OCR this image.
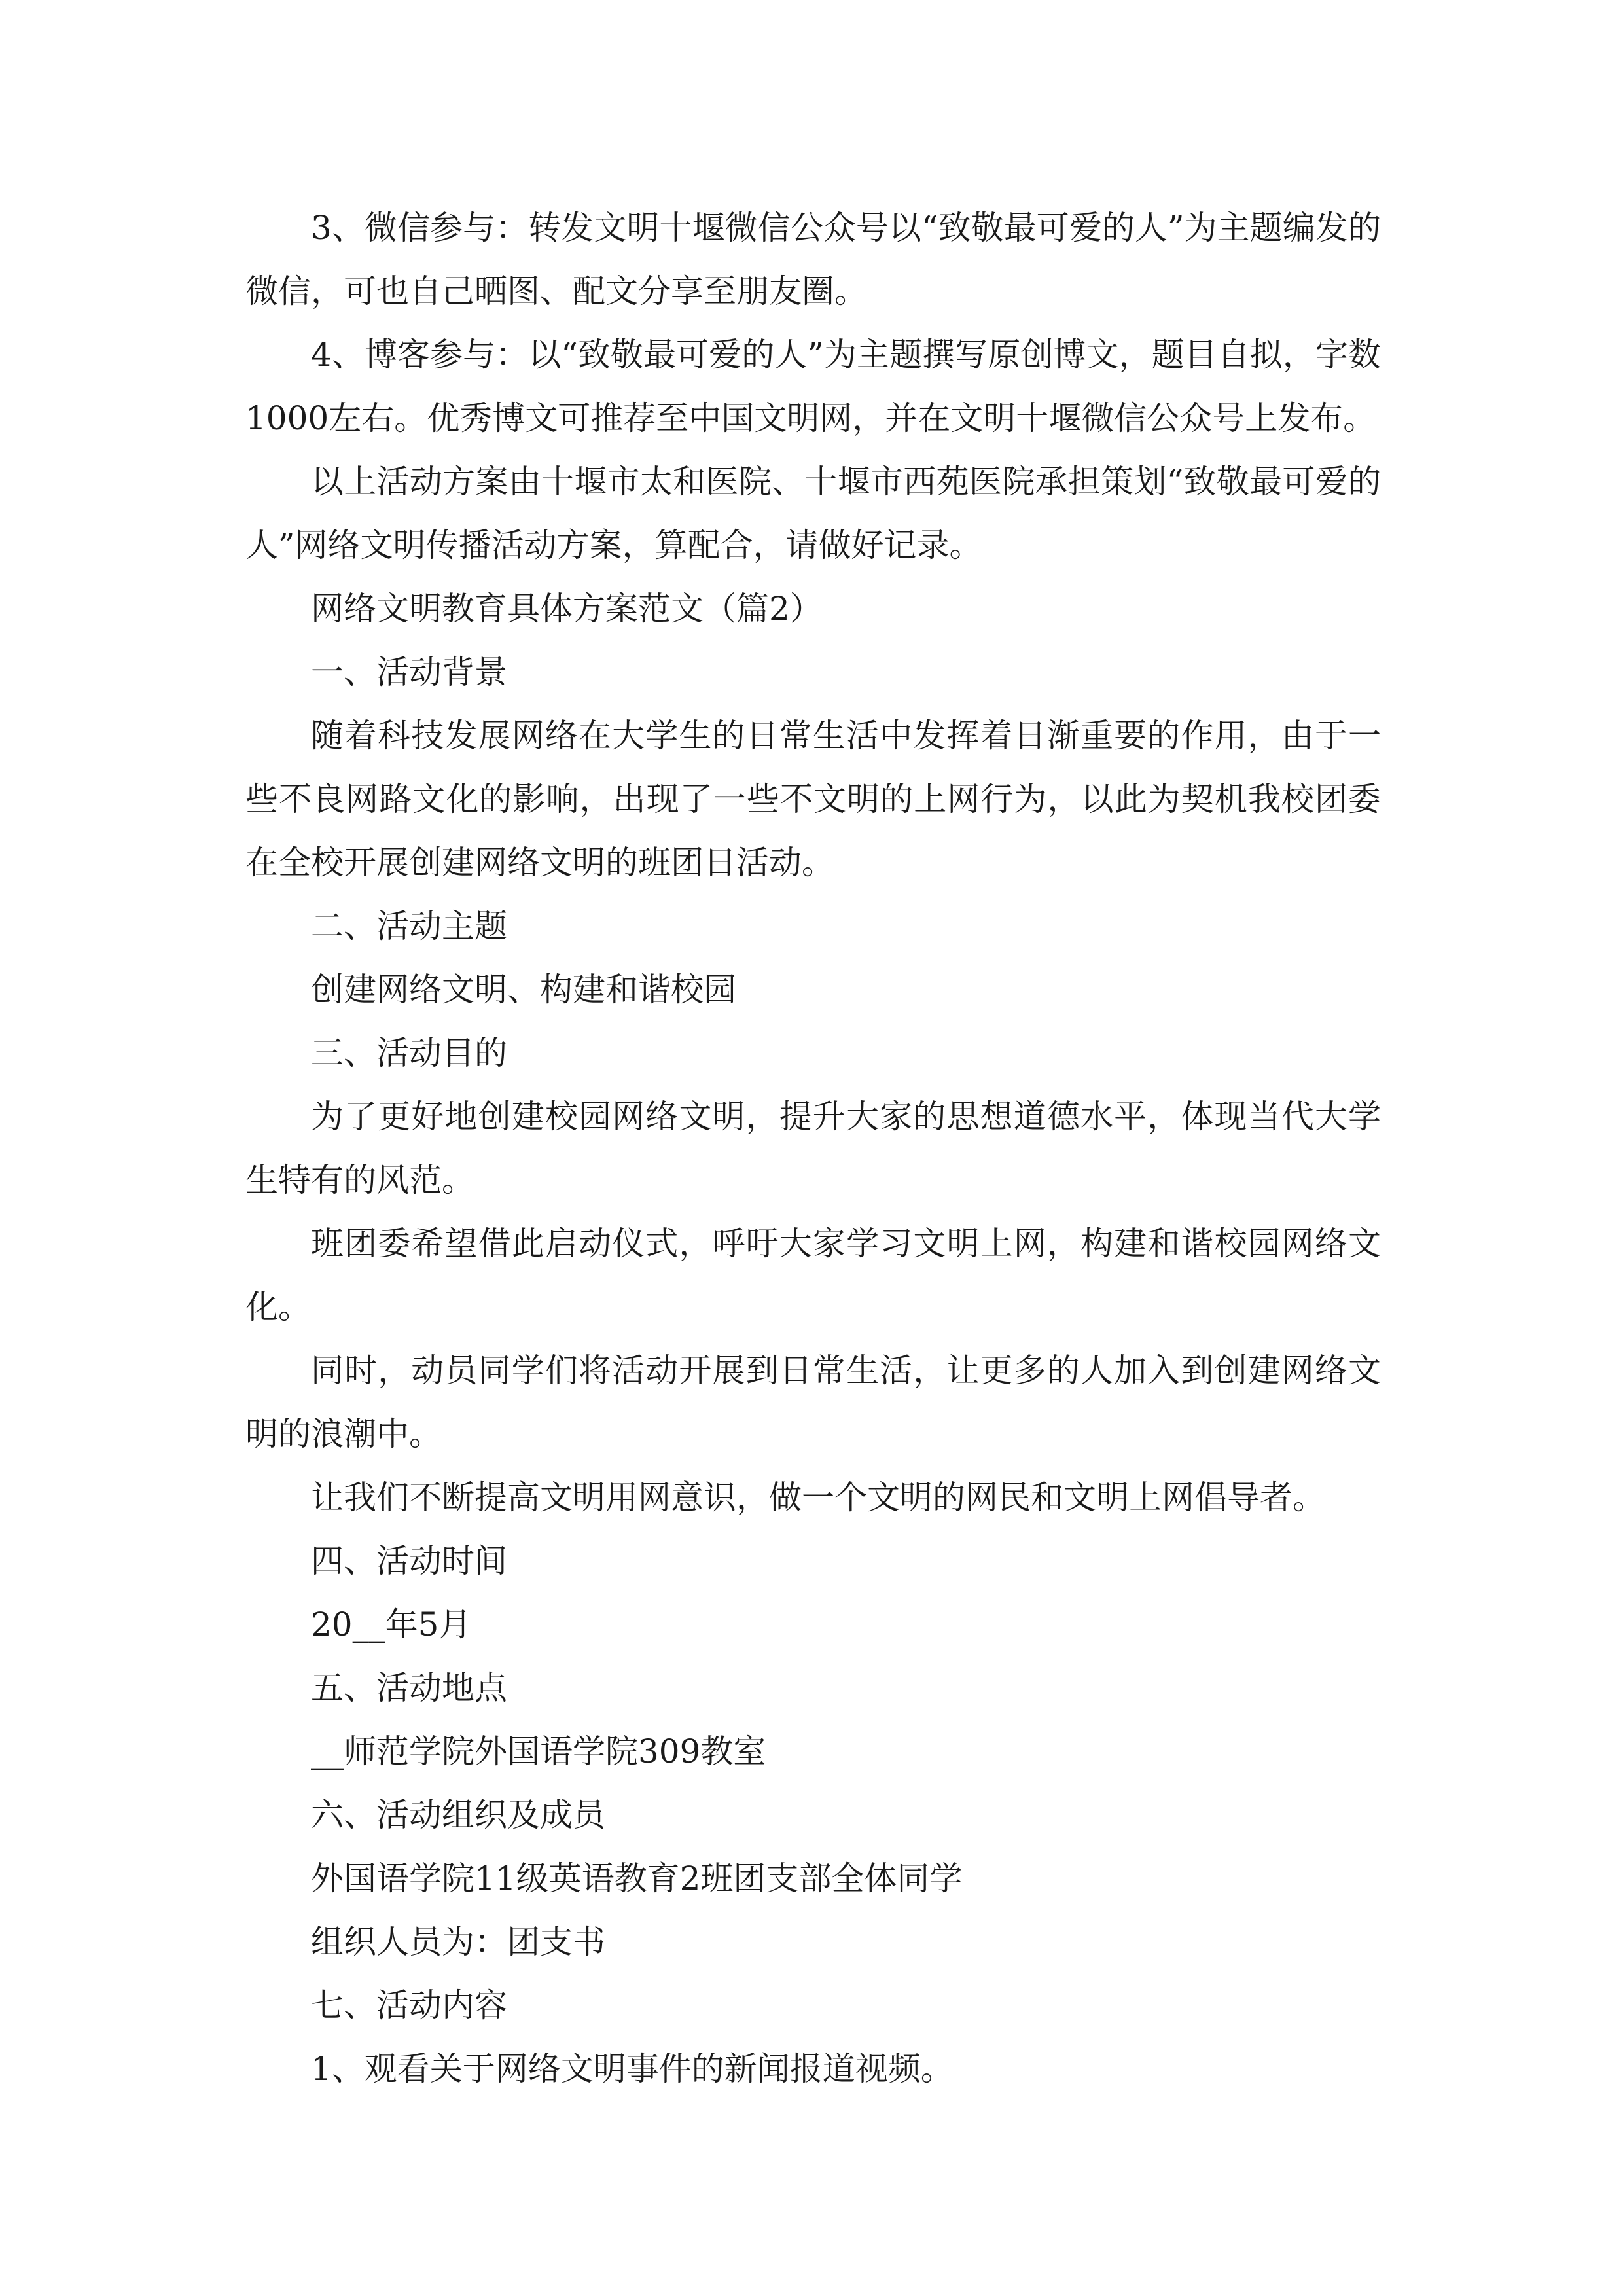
3、微信参与：转发文明十堰微信公众号以“致敬最可爱的人”为主题编发的微信，可也自己晒图、配文分享至朋友圈。

4、博客参与：以“致敬最可爱的人”为主题撰写原创博文，题目自拟，字数1000左右。优秀博文可推荐至中国文明网，并在文明十堰微信公众号上发布。

以上活动方案由十堰市太和医院、十堰市西苑医院承担策划“致敬最可爱的人”网络文明传播活动方案，算配合，请做好记录。

网络文明教育具体方案范文（篇2）

一、活动背景

随着科技发展网络在大学生的日常生活中发挥着日渐重要的作用，由于一些不良网路文化的影响，出现了一些不文明的上网行为，以此为契机我校团委在全校开展创建网络文明的班团日活动。

二、活动主题

创建网络文明、构建和谐校园

三、活动目的

为了更好地创建校园网络文明，提升大家的思想道德水平，体现当代大学生特有的风范。

班团委希望借此启动仪式，呼吁大家学习文明上网，构建和谐校园网络文化。

同时，动员同学们将活动开展到日常生活，让更多的人加入到创建网络文明的浪潮中。

让我们不断提高文明用网意识，做一个文明的网民和文明上网倡导者。

四、活动时间

20__年5月

五、活动地点

__师范学院外国语学院309教室

六、活动组织及成员

外国语学院11级英语教育2班团支部全体同学

组织人员为：团支书

七、活动内容

1、观看关于网络文明事件的新闻报道视频。
